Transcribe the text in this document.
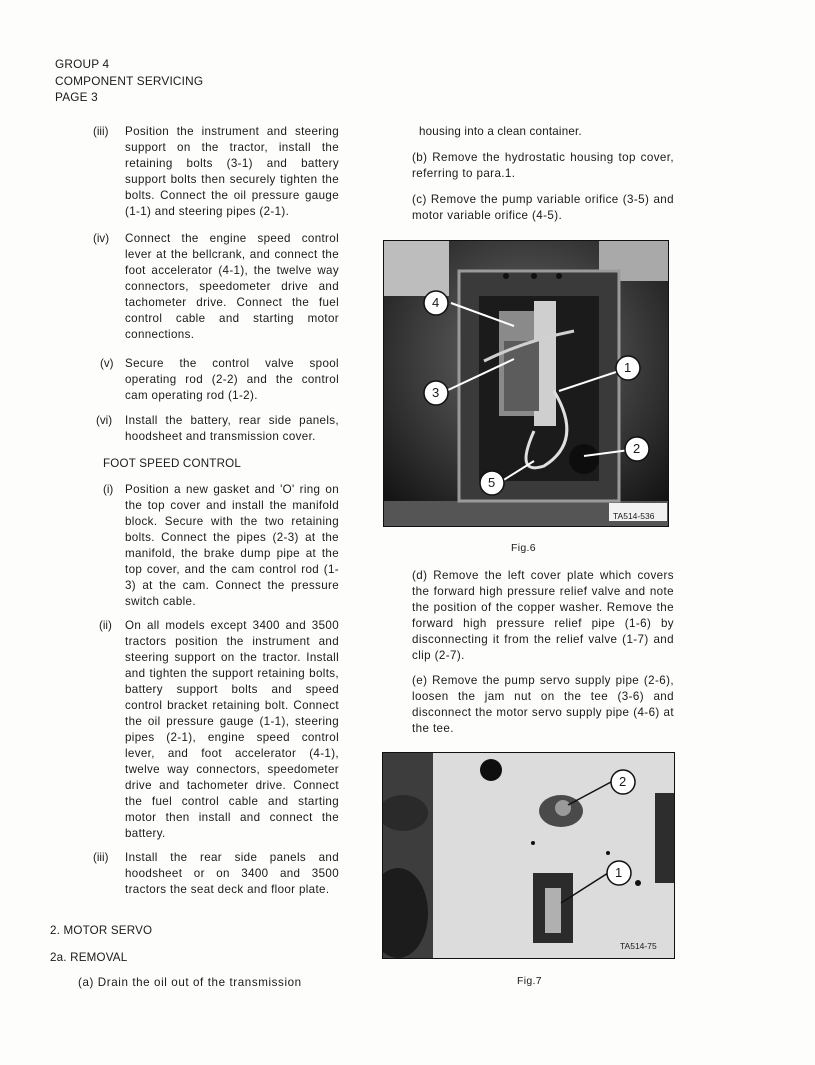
GROUP 4
COMPONENT SERVICING
PAGE 3
(iii) Position the instrument and steering support on the tractor, install the retaining bolts (3-1) and battery support bolts then securely tighten the bolts. Connect the oil pressure gauge (1-1) and steering pipes (2-1).
(iv) Connect the engine speed control lever at the bellcrank, and connect the foot accelerator (4-1), the twelve way connectors, speedometer drive and tachometer drive. Connect the fuel control cable and starting motor connections.
(v) Secure the control valve spool operating rod (2-2) and the control cam operating rod (1-2).
(vi) Install the battery, rear side panels, hoodsheet and transmission cover.
FOOT SPEED CONTROL
(i) Position a new gasket and 'O' ring on the top cover and install the manifold block. Secure with the two retaining bolts. Connect the pipes (2-3) at the manifold, the brake dump pipe at the top cover, and the cam control rod (1-3) at the cam. Connect the pressure switch cable.
(ii) On all models except 3400 and 3500 tractors position the instrument and steering support on the tractor. Install and tighten the support retaining bolts, battery support bolts and speed control bracket retaining bolt. Connect the oil pressure gauge (1-1), steering pipes (2-1), engine speed control lever, and foot accelerator (4-1), twelve way connectors, speedometer drive and tachometer drive. Connect the fuel control cable and starting motor then install and connect the battery.
(iii) Install the rear side panels and hoodsheet or on 3400 and 3500 tractors the seat deck and floor plate.
2. MOTOR SERVO
2a. REMOVAL
(a) Drain the oil out of the transmission
housing into a clean container.
(b) Remove the hydrostatic housing top cover, referring to para.1.
(c) Remove the pump variable orifice (3-5) and motor variable orifice (4-5).
4
1
3
2
5
TA514-536
Fig.6
(d) Remove the left cover plate which covers the forward high pressure relief valve and note the position of the copper washer. Remove the forward high pressure relief pipe (1-6) by disconnecting it from the relief valve (1-7) and clip (2-7).
(e) Remove the pump servo supply pipe (2-6), loosen the jam nut on the tee (3-6) and disconnect the motor servo supply pipe (4-6) at the tee.
2
1
TA514-75
Fig.7
